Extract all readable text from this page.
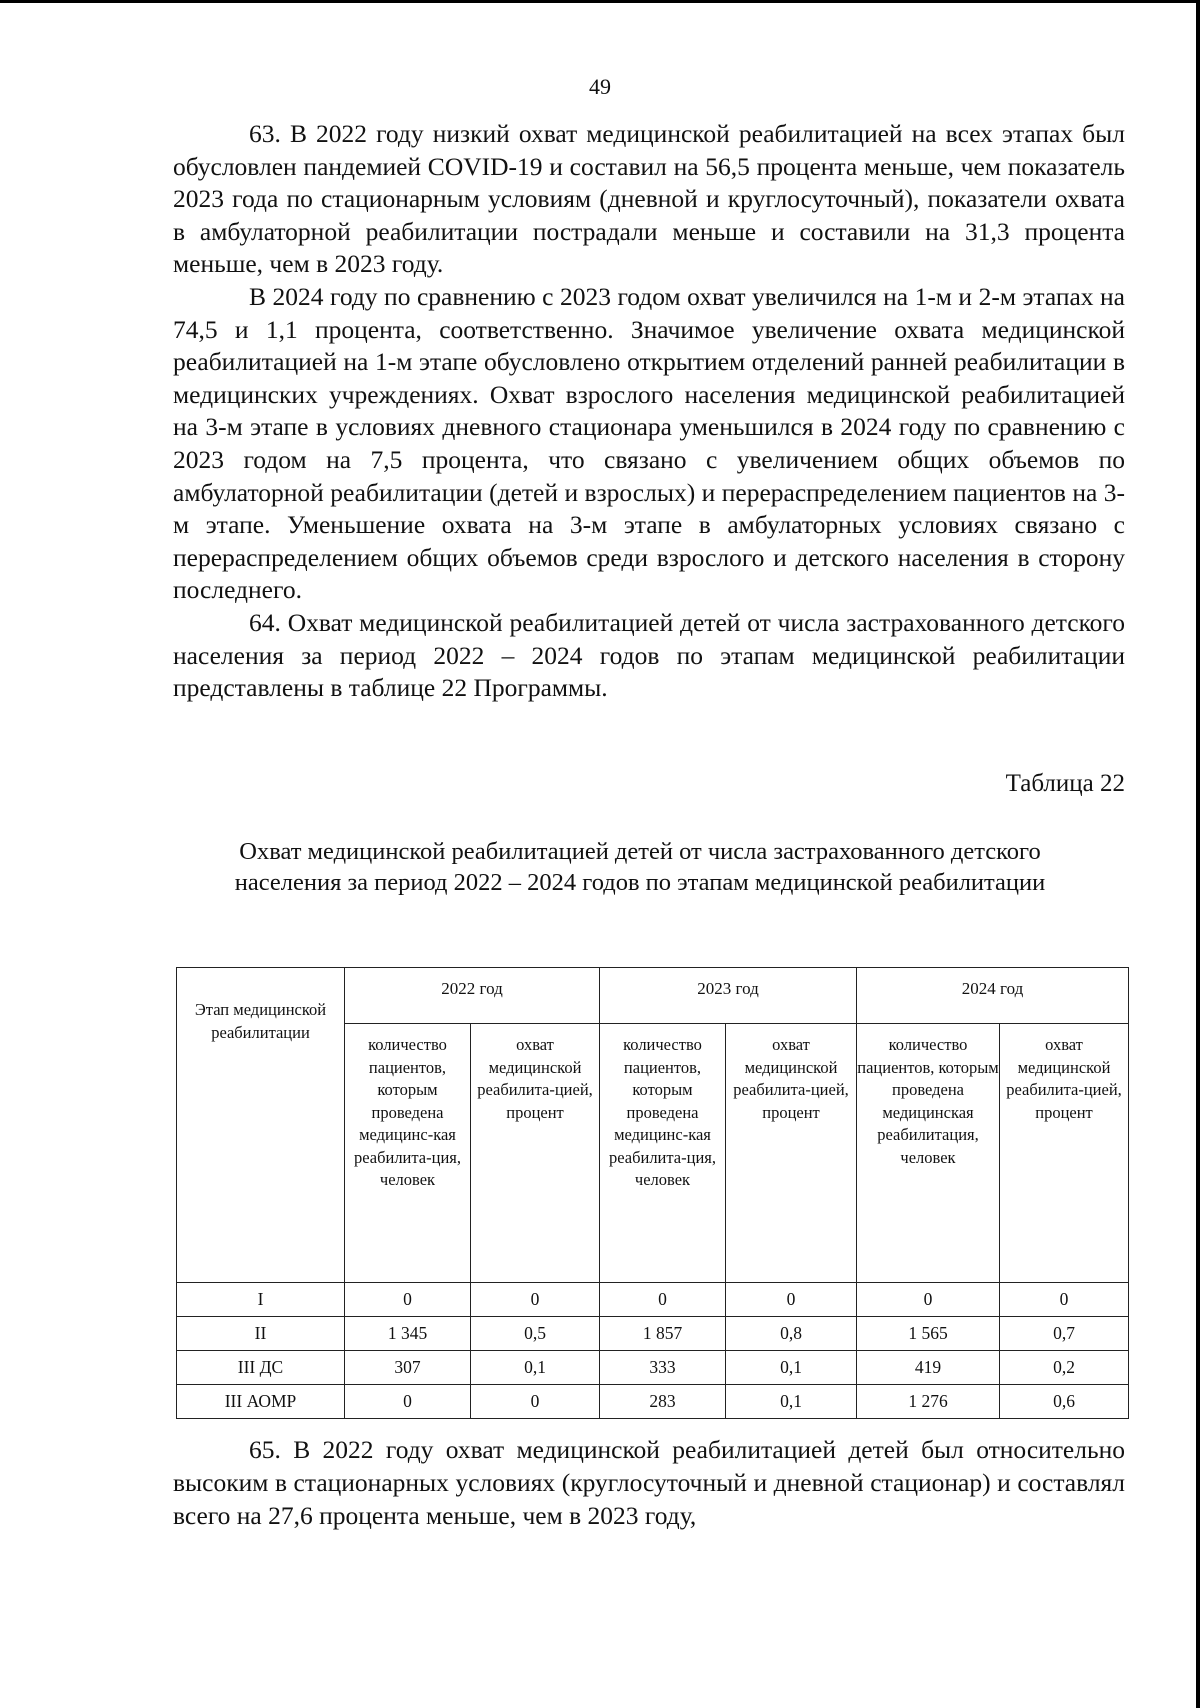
49

63. В 2022 году низкий охват медицинской реабилитацией на всех этапах был обусловлен пандемией COVID-19 и составил на 56,5 процента меньше, чем показатель 2023 года по стационарным условиям (дневной и круглосуточный), показатели охвата в амбулаторной реабилитации пострадали меньше и составили на 31,3 процента меньше, чем в 2023 году.

В 2024 году по сравнению с 2023 годом охват увеличился на 1-м и 2-м этапах на 74,5 и 1,1 процента, соответственно. Значимое увеличение охвата медицинской реабилитацией на 1-м этапе обусловлено открытием отделений ранней реабилитации в медицинских учреждениях. Охват взрослого населения медицинской реабилитацией на 3-м этапе в условиях дневного стационара уменьшился в 2024 году по сравнению с 2023 годом на 7,5 процента, что связано с увеличением общих объемов по амбулаторной реабилитации (детей и взрослых) и перераспределением пациентов на 3-м этапе. Уменьшение охвата на 3-м этапе в амбулаторных условиях связано с перераспределением общих объемов среди взрослого и детского населения в сторону последнего.

64. Охват медицинской реабилитацией детей от числа застрахованного детского населения за период 2022 – 2024 годов по этапам медицинской реабилитации представлены в таблице 22 Программы.

Таблица 22
Охват медицинской реабилитацией детей от числа застрахованного детского населения за период 2022 – 2024 годов по этапам медицинской реабилитации
Этап медицинской реабилитации	2022 год		2023 год		2024 год	
	количество пациентов, которым проведена медицинс-кая реабилита-ция, человек	охват медицинской реабилита-цией, процент	количество пациентов, которым проведена медицинс-кая реабилита-ция, человек	охват медицинской реабилита-цией, процент	количество пациентов, которым проведена медицинская реабилитация, человек	охват медицинской реабилита-цией, процент
I	0	0	0	0	0	0
II	1 345	0,5	1 857	0,8	1 565	0,7
III ДС	307	0,1	333	0,1	419	0,2
III АОМР	0	0	283	0,1	1 276	0,6

65. В 2022 году охват медицинской реабилитацией детей был относительно высоким в стационарных условиях (круглосуточный и дневной стационар) и составлял всего на 27,6 процента меньше, чем в 2023 году,
